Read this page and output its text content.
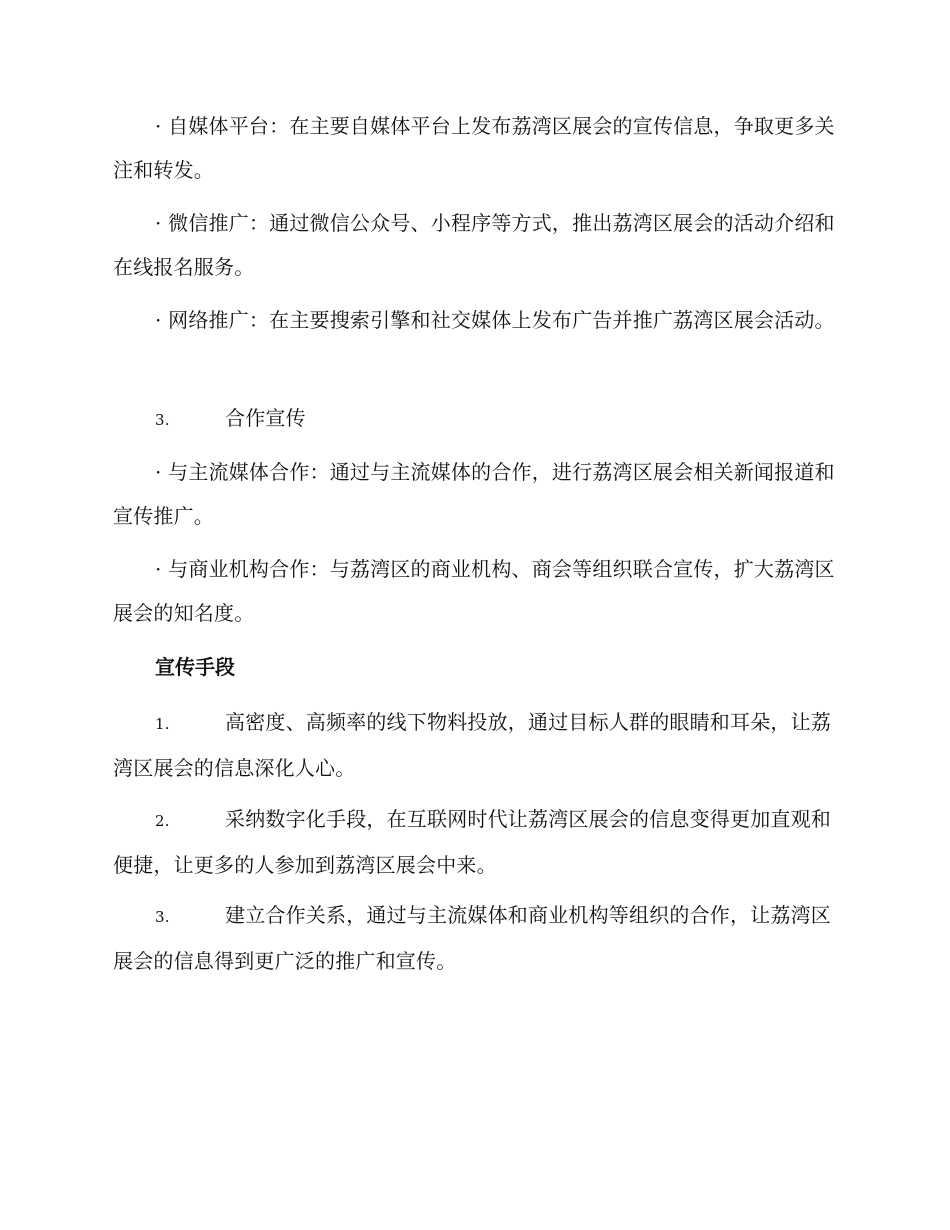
· 自媒体平台：在主要自媒体平台上发布荔湾区展会的宣传信息，争取更多关注和转发。

· 微信推广：通过微信公众号、小程序等方式，推出荔湾区展会的活动介绍和在线报名服务。

· 网络推广：在主要搜索引擎和社交媒体上发布广告并推广荔湾区展会活动。

3.	合作宣传

· 与主流媒体合作：通过与主流媒体的合作，进行荔湾区展会相关新闻报道和宣传推广。

· 与商业机构合作：与荔湾区的商业机构、商会等组织联合宣传，扩大荔湾区展会的知名度。

宣传手段

1.	高密度、高频率的线下物料投放，通过目标人群的眼睛和耳朵，让荔湾区展会的信息深化人心。

2.	采纳数字化手段，在互联网时代让荔湾区展会的信息变得更加直观和便捷，让更多的人参加到荔湾区展会中来。

3.	建立合作关系，通过与主流媒体和商业机构等组织的合作，让荔湾区展会的信息得到更广泛的推广和宣传。
